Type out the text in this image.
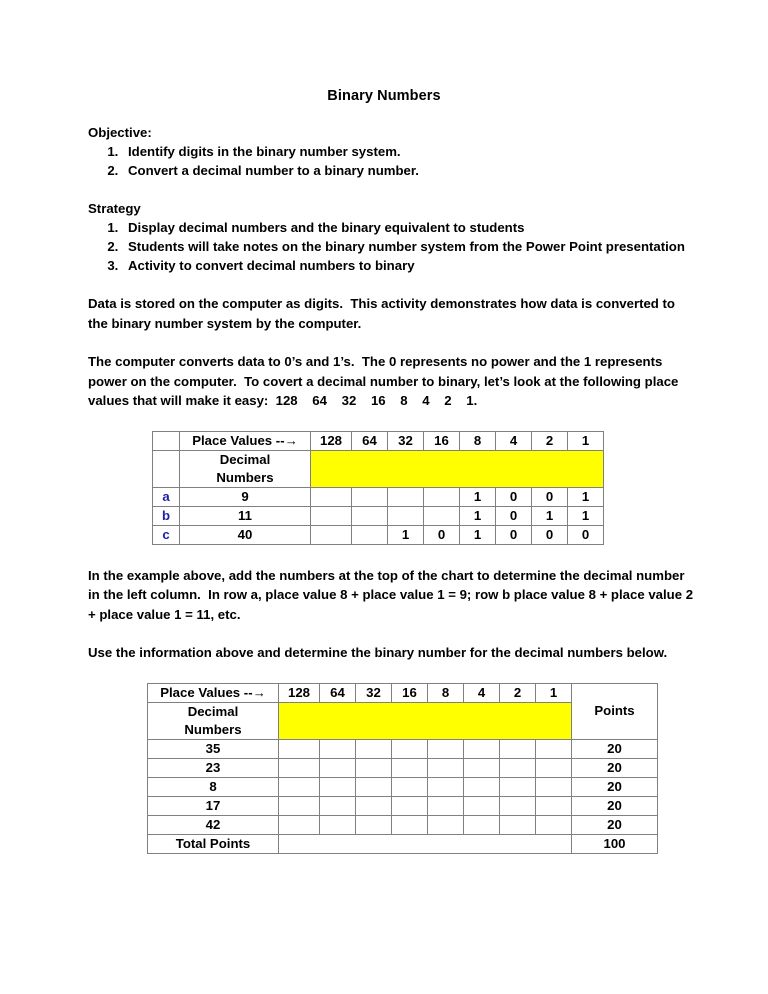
Binary Numbers
Objective:
1. Identify digits in the binary number system.
2. Convert a decimal number to a binary number.
Strategy
1. Display decimal numbers and the binary equivalent to students
2. Students will take notes on the binary number system from the Power Point presentation
3. Activity to convert decimal numbers to binary

Data is stored on the computer as digits.  This activity demonstrates how data is converted to the binary number system by the computer.

The computer converts data to 0’s and 1’s.  The 0 represents no power and the 1 represents power on the computer.  To covert a decimal number to binary, let’s look at the following place values that will make it easy:  128    64    32    16    8    4    2    1.

	Place Values --→	128	64	32	16	8	4	2	1
	Decimal
Numbers								
a	9					1	0	0	1
b	11					1	0	1	1
c	40			1	0	1	0	0	0

In the example above, add the numbers at the top of the chart to determine the decimal number in the left column.  In row a, place value 8 + place value 1 = 9; row b place value 8 + place value 2 + place value 1 = 11, etc.

Use the information above and determine the binary number for the decimal numbers below.

Place Values --→	128	64	32	16	8	4	2	1	Points
Decimal
Numbers									
35									20
23									20
8									20
17									20
42									20
Total Points									100
